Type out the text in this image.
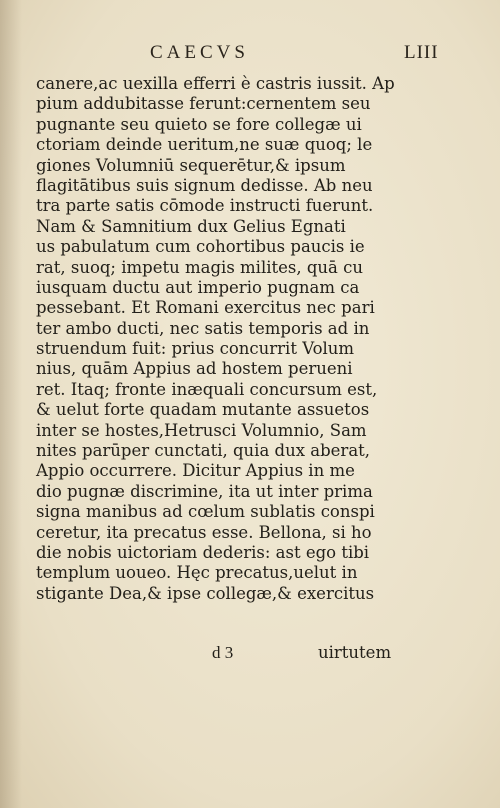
CAECVS	LIII
canere,ac uexilla efferri è castris iussit. Ap
pium addubitasse ferunt:cernentem seu
pugnante seu quieto se fore collegæ ui
ctoriam deinde ueritum,ne suæ quoq; le
giones Volumniū sequerētur,& ipsum
flagitātibus suis signum dedisse. Ab neu
tra parte satis cōmode instructi fuerunt.
Nam & Samnitium dux Gelius Egnati
us pabulatum cum cohortibus paucis ie
rat, suoq; impetu magis milites, quā cu
iusquam ductu aut imperio pugnam ca
pessebant. Et Romani exercitus nec pari
ter ambo ducti, nec satis temporis ad in
struendum fuit: prius concurrit Volum
nius, quām Appius ad hostem perueni
ret. Itaq; fronte inæquali concursum est,
& uelut forte quadam mutante assuetos
inter se hostes,Hetrusci Volumnio, Sam
nites parūper cunctati, quia dux aberat,
Appio occurrere. Dicitur Appius in me
dio pugnæ discrimine, ita ut inter prima
signa manibus ad cœlum sublatis conspi
ceretur, ita precatus esse. Bellona, si ho
die nobis uictoriam dederis: ast ego tibi
templum uoueo. Hęc precatus,uelut in
stigante Dea,& ipse collegæ,& exercitus
d 3	uirtutem
